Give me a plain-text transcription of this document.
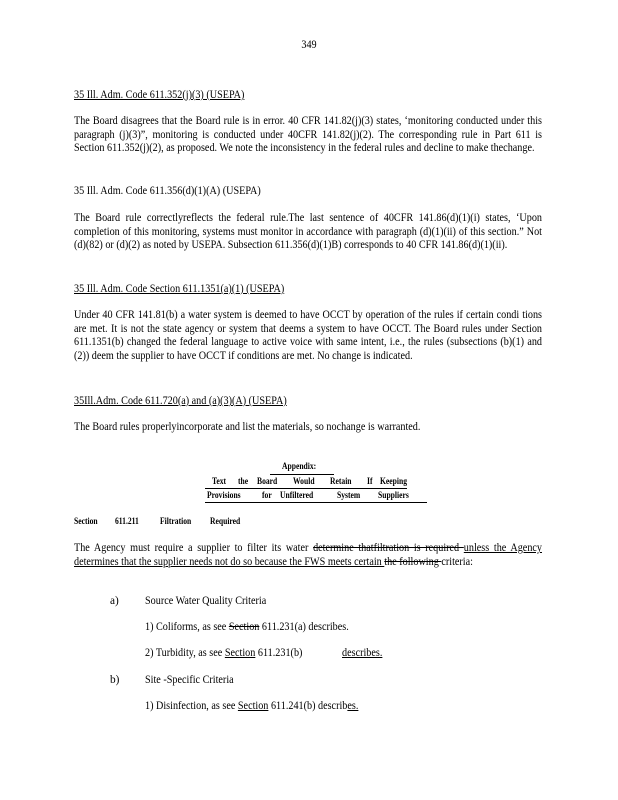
349
35 Ill. Adm. Code 611.352(j)(3) (USEPA)
The Board disagrees that the Board rule is in error. 40 CFR 141.82(j)(3) states, ‘monitoring conducted under this paragraph (j)(3)”, monitoring is conducted under 40CFR 141.82(j)(2). The corresponding rule in Part 611 is Section 611.352(j)(2), as proposed. We note the inconsistency in the federal rules and decline to make thechange.
35 Ill. Adm. Code 611.356(d)(1)(A) (USEPA)
The Board rule correctlyreflects the federal rule.The last sentence of 40CFR 141.86(d)(1)(i) states, ‘Upon completion of this monitoring, systems must monitor in accordance with paragraph (d)(1)(ii) of this section.” Not (d)(82) or (d)(2) as noted by USEPA. Subsection 611.356(d)(1)B) corresponds to 40 CFR 141.86(d)(1)(ii).
35 Ill. Adm. Code Section 611.1351(a)(1) (USEPA)
Under 40 CFR 141.81(b) a water system is deemed to have OCCT by operation of the rules if certain condi tions are met. It is not the state agency or system that deems a system to have OCCT. The Board rules under Section 611.1351(b) changed the federal language to active voice with same intent, i.e., the rules (subsections (b)(1) and (2)) deem the supplier to have OCCT if conditions are met. No change is indicated.
35Ill.Adm. Code 611.720(a) and (a)(3)(A) (USEPA)
The Board rules properlyincorporate and list the materials, so nochange is warranted.
Appendix:
Text the Board Would Retain If Keeping
Provisions for Unfiltered	System Suppliers
Section 611.211 Filtration Required
The Agency must require a supplier to filter its water determine thatfiltration is required unless the Agency determines that the supplier needs not do so because the FWS meets certain the following criteria:
a) Source Water Quality Criteria
1) Coliforms, as see Section 611.231(a) describes.
2) Turbidity, as see Section 611.231(b)	describes.
b) Site -Specific Criteria
1) Disinfection, as see Section 611.241(b) describes.
